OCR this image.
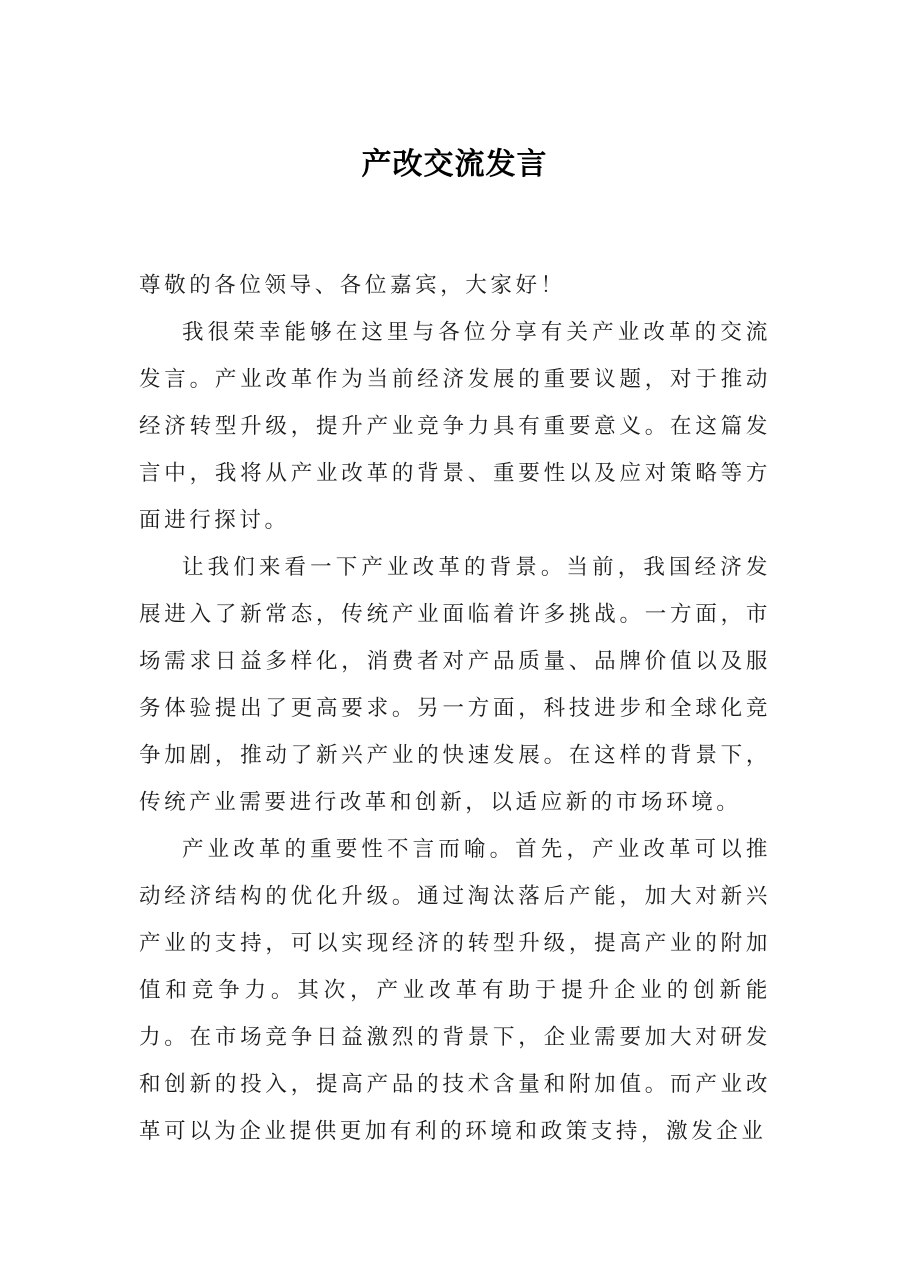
产改交流发言

尊敬的各位领导、各位嘉宾，大家好！

我很荣幸能够在这里与各位分享有关产业改革的交流发言。产业改革作为当前经济发展的重要议题，对于推动经济转型升级，提升产业竞争力具有重要意义。在这篇发言中，我将从产业改革的背景、重要性以及应对策略等方面进行探讨。

让我们来看一下产业改革的背景。当前，我国经济发展进入了新常态，传统产业面临着许多挑战。一方面，市场需求日益多样化，消费者对产品质量、品牌价值以及服务体验提出了更高要求。另一方面，科技进步和全球化竞争加剧，推动了新兴产业的快速发展。在这样的背景下，传统产业需要进行改革和创新，以适应新的市场环境。

产业改革的重要性不言而喻。首先，产业改革可以推动经济结构的优化升级。通过淘汰落后产能，加大对新兴产业的支持，可以实现经济的转型升级，提高产业的附加值和竞争力。其次，产业改革有助于提升企业的创新能力。在市场竞争日益激烈的背景下，企业需要加大对研发和创新的投入，提高产品的技术含量和附加值。而产业改革可以为企业提供更加有利的环境和政策支持，激发企业
